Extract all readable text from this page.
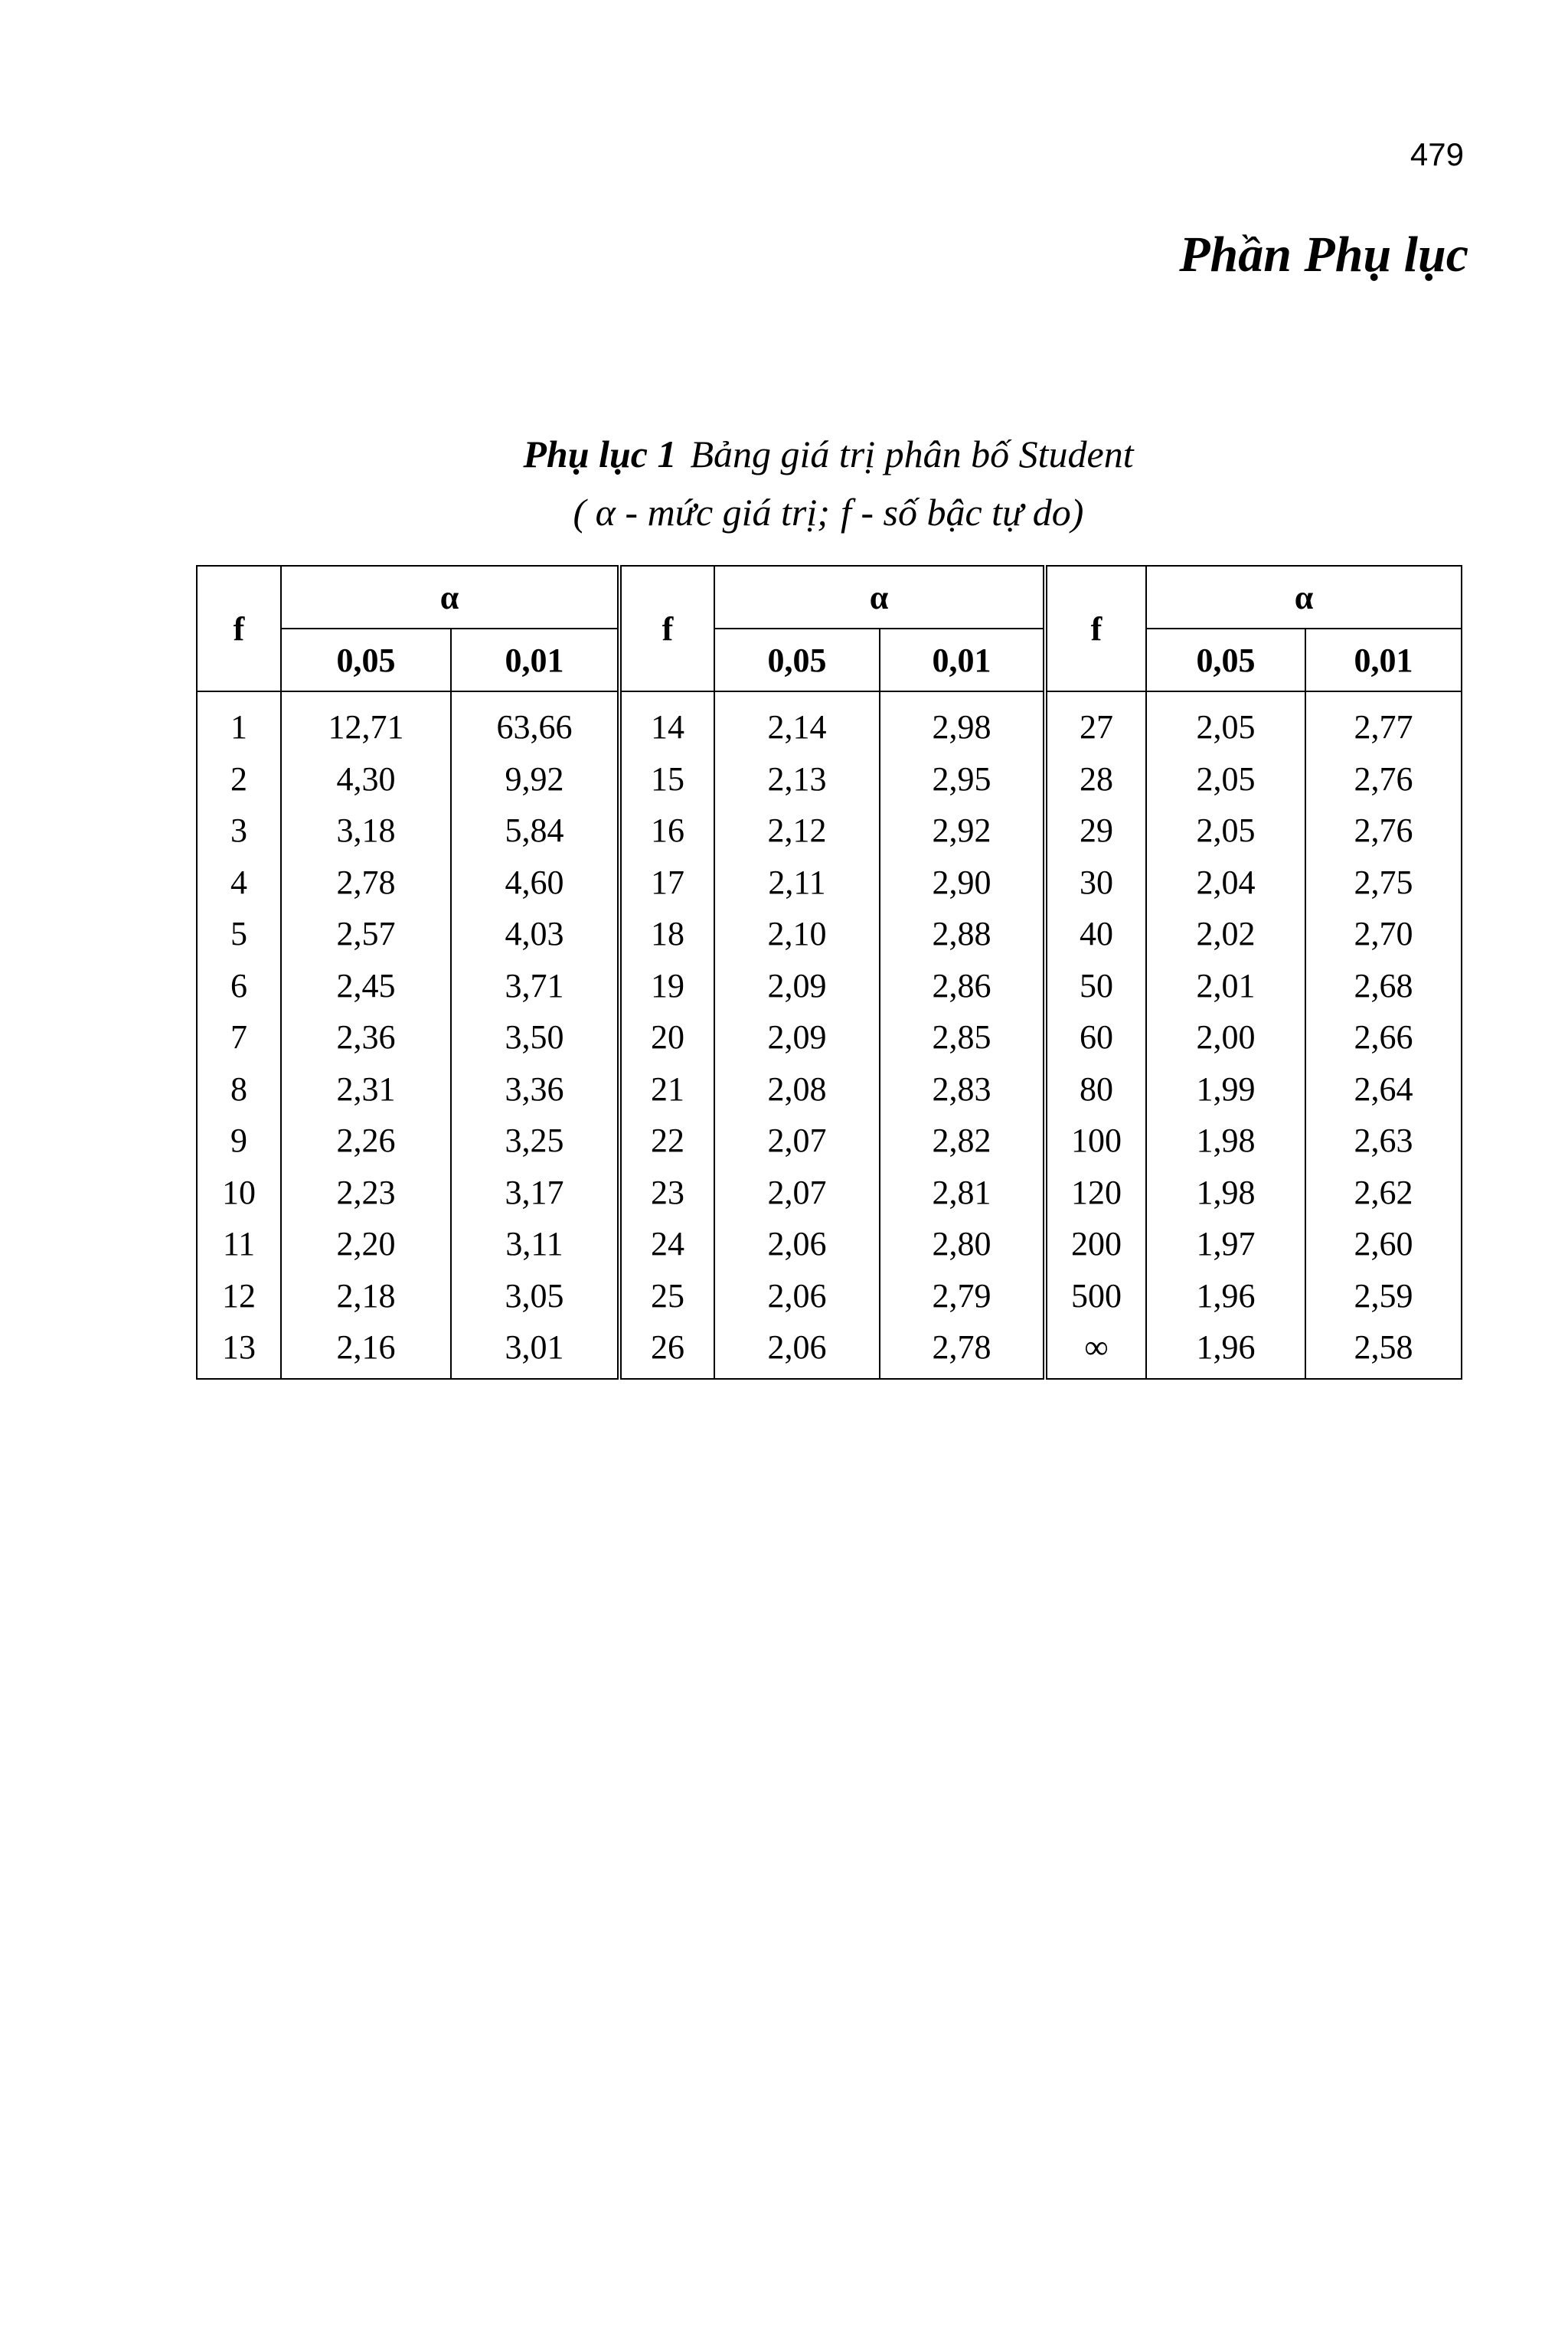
479
Phần Phụ lục
Phụ lục 1 Bảng giá trị phân bố Student
( α - mức giá trị; f - số bậc tự do)
f	α		f	α		f	α	
	0,05	0,01		0,05	0,01		0,05	0,01
1	12,71	63,66	14	2,14	2,98	27	2,05	2,77
2	4,30	9,92	15	2,13	2,95	28	2,05	2,76
3	3,18	5,84	16	2,12	2,92	29	2,05	2,76
4	2,78	4,60	17	2,11	2,90	30	2,04	2,75
5	2,57	4,03	18	2,10	2,88	40	2,02	2,70
6	2,45	3,71	19	2,09	2,86	50	2,01	2,68
7	2,36	3,50	20	2,09	2,85	60	2,00	2,66
8	2,31	3,36	21	2,08	2,83	80	1,99	2,64
9	2,26	3,25	22	2,07	2,82	100	1,98	2,63
10	2,23	3,17	23	2,07	2,81	120	1,98	2,62
11	2,20	3,11	24	2,06	2,80	200	1,97	2,60
12	2,18	3,05	25	2,06	2,79	500	1,96	2,59
13	2,16	3,01	26	2,06	2,78	∞	1,96	2,58
